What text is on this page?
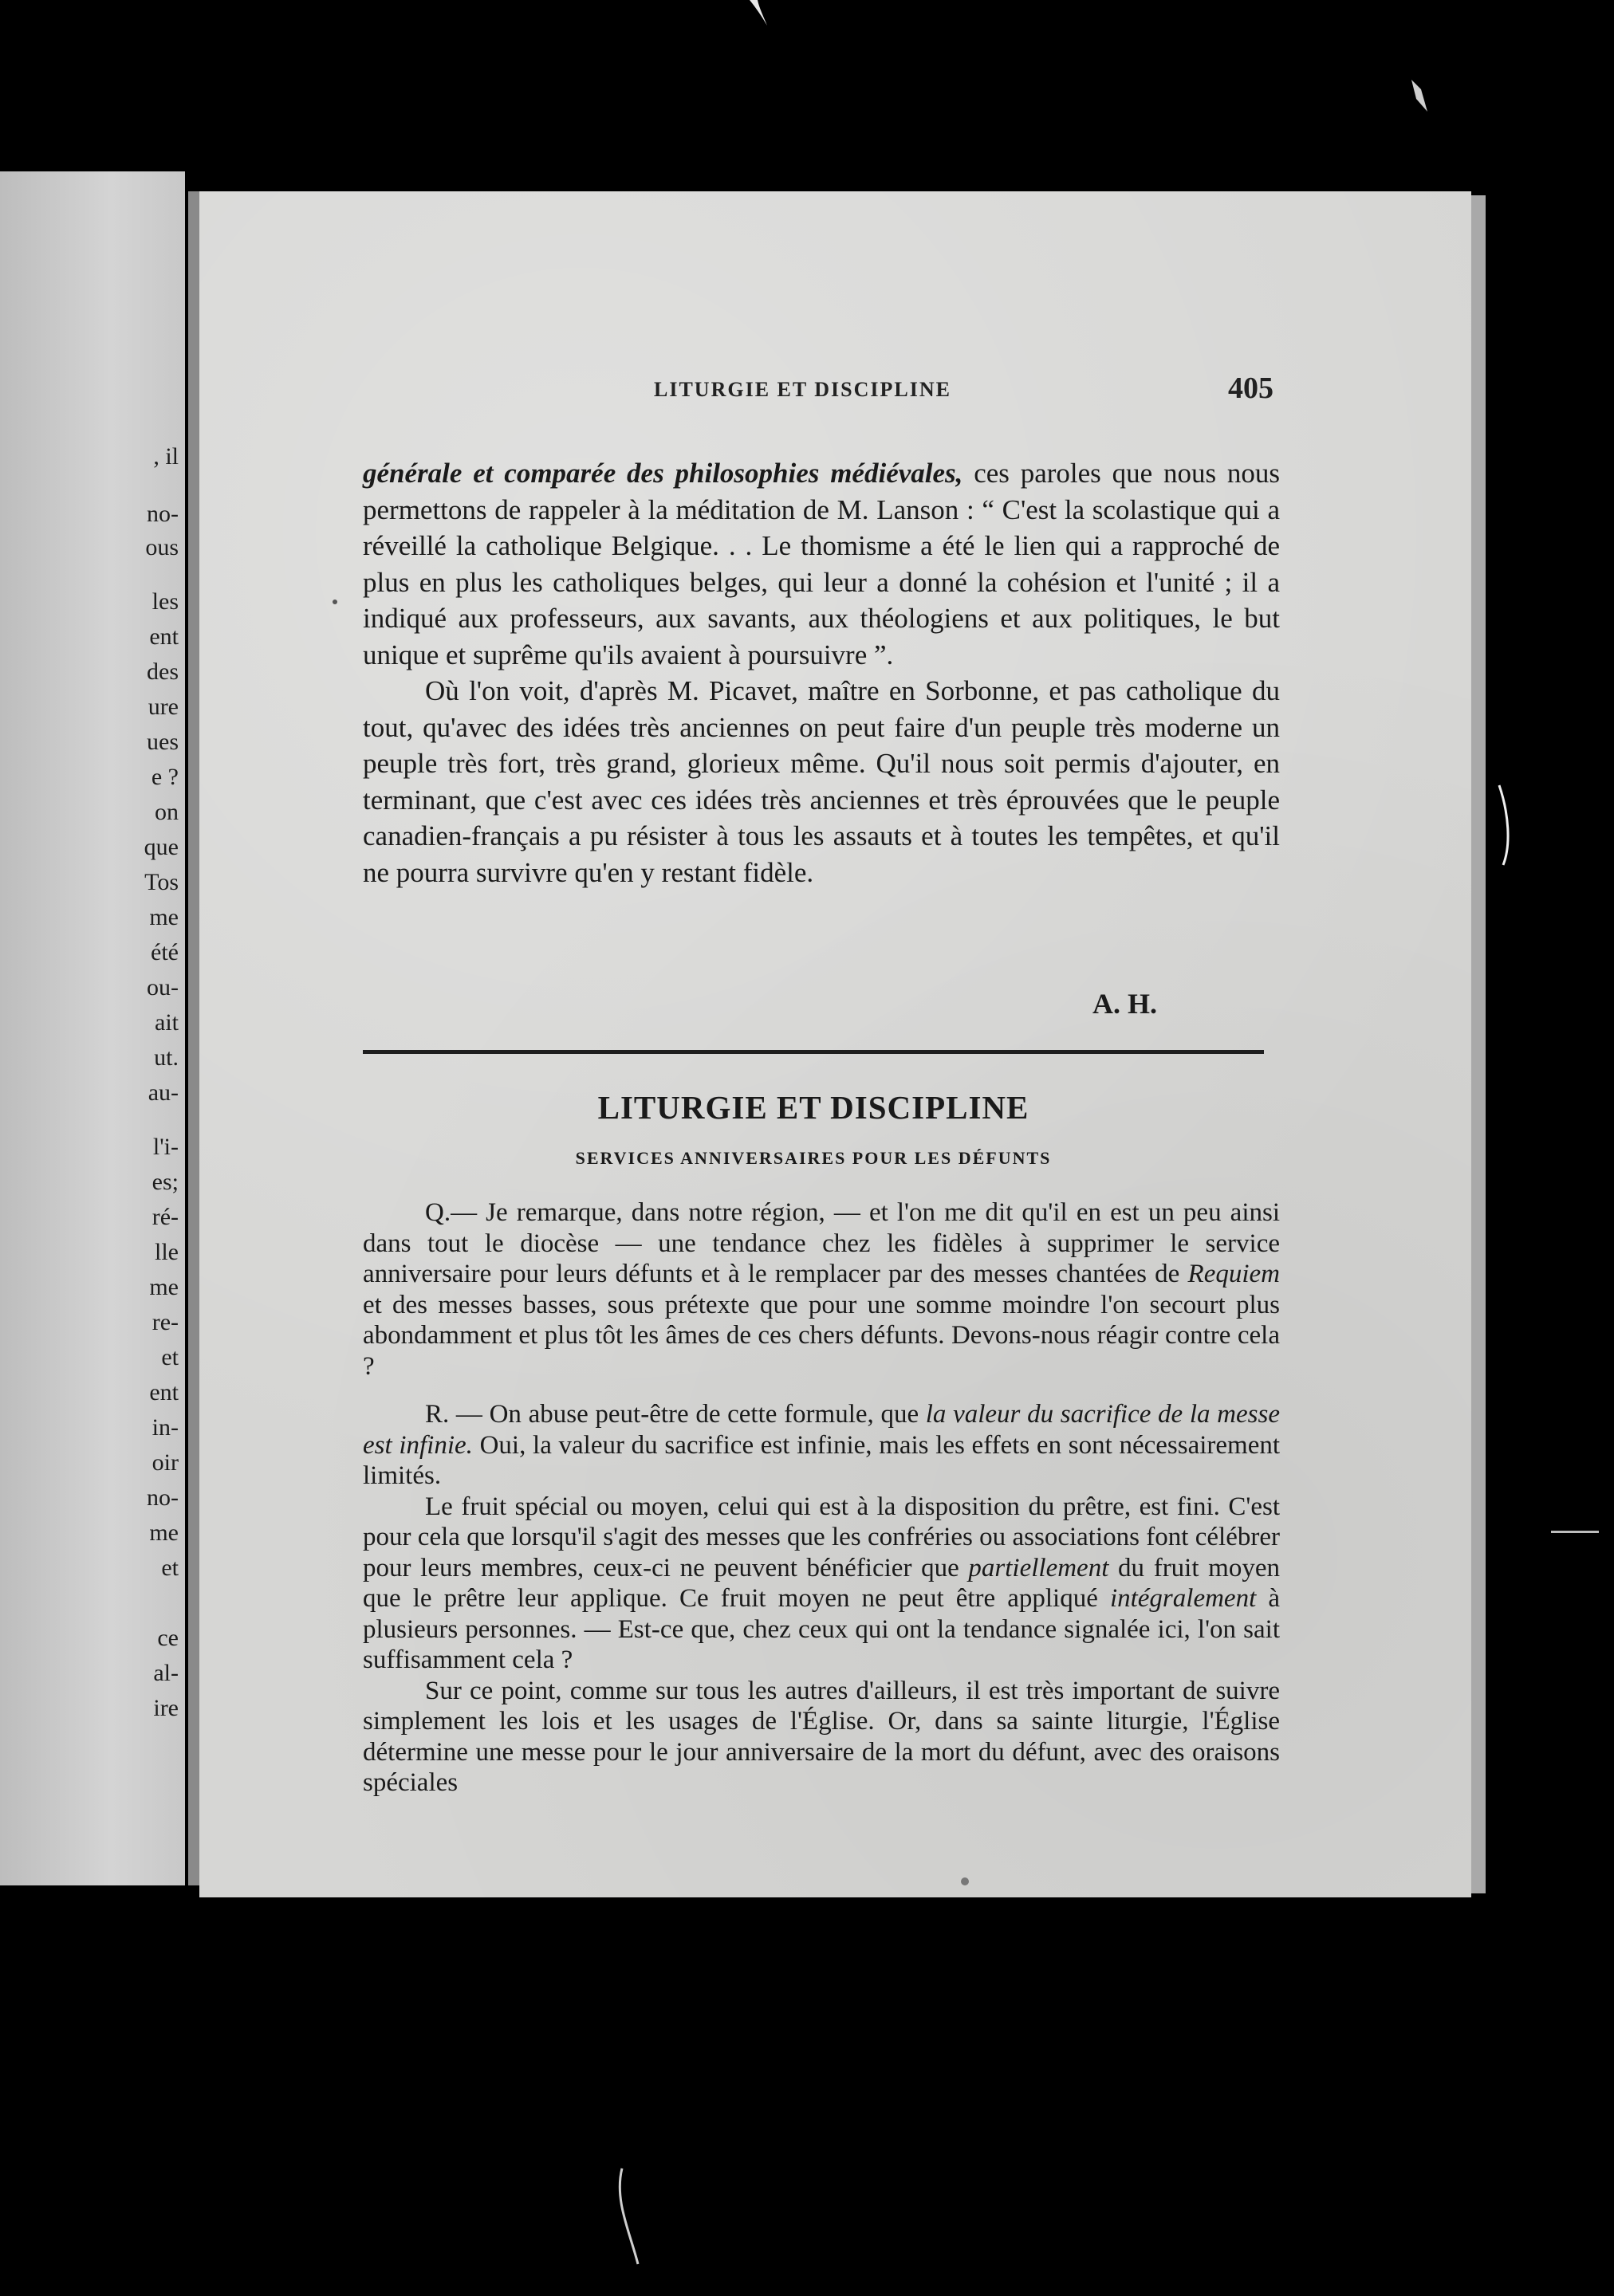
, il
no-
ous
les
ent
des
ure
ues
e ?
on
que
Tos
me
été
ou-
ait
ut.
au-
l'i-
es;
ré-
lle
me
re-
et
ent
in-
oir
no-
me
et
ce
al-
ire
LITURGIE ET DISCIPLINE	405

générale et comparée des philosophies médiévales, ces paroles que nous nous permettons de rappeler à la méditation de M. Lanson : “ C'est la scolastique qui a réveillé la catholique Belgique. . . Le thomisme a été le lien qui a rapproché de plus en plus les catholiques belges, qui leur a donné la cohésion et l'unité ; il a indiqué aux professeurs, aux savants, aux théologiens et aux politiques, le but unique et suprême qu'ils avaient à poursuivre ”.

Où l'on voit, d'après M. Picavet, maître en Sorbonne, et pas catholique du tout, qu'avec des idées très anciennes on peut faire d'un peuple très moderne un peuple très fort, très grand, glorieux même. Qu'il nous soit permis d'ajouter, en terminant, que c'est avec ces idées très anciennes et très éprouvées que le peuple canadien-français a pu résister à tous les assauts et à toutes les tempêtes, et qu'il ne pourra survivre qu'en y restant fidèle.

A. H.
LITURGIE ET DISCIPLINE
SERVICES ANNIVERSAIRES POUR LES DÉFUNTS

Q.— Je remarque, dans notre région, — et l'on me dit qu'il en est un peu ainsi dans tout le diocèse — une tendance chez les fidèles à supprimer le service anniversaire pour leurs défunts et à le remplacer par des messes chantées de Requiem et des messes basses, sous prétexte que pour une somme moindre l'on secourt plus abondamment et plus tôt les âmes de ces chers défunts. Devons-nous réagir contre cela ?

R. — On abuse peut-être de cette formule, que la valeur du sacrifice de la messe est infinie. Oui, la valeur du sacrifice est infinie, mais les effets en sont nécessairement limités.

Le fruit spécial ou moyen, celui qui est à la disposition du prêtre, est fini. C'est pour cela que lorsqu'il s'agit des messes que les confréries ou associations font célébrer pour leurs membres, ceux-ci ne peuvent bénéficier que partiellement du fruit moyen que le prêtre leur applique. Ce fruit moyen ne peut être appliqué intégralement à plusieurs personnes. — Est-ce que, chez ceux qui ont la tendance signalée ici, l'on sait suffisamment cela ?

Sur ce point, comme sur tous les autres d'ailleurs, il est très important de suivre simplement les lois et les usages de l'Église. Or, dans sa sainte liturgie, l'Église détermine une messe pour le jour anniversaire de la mort du défunt, avec des oraisons spéciales
